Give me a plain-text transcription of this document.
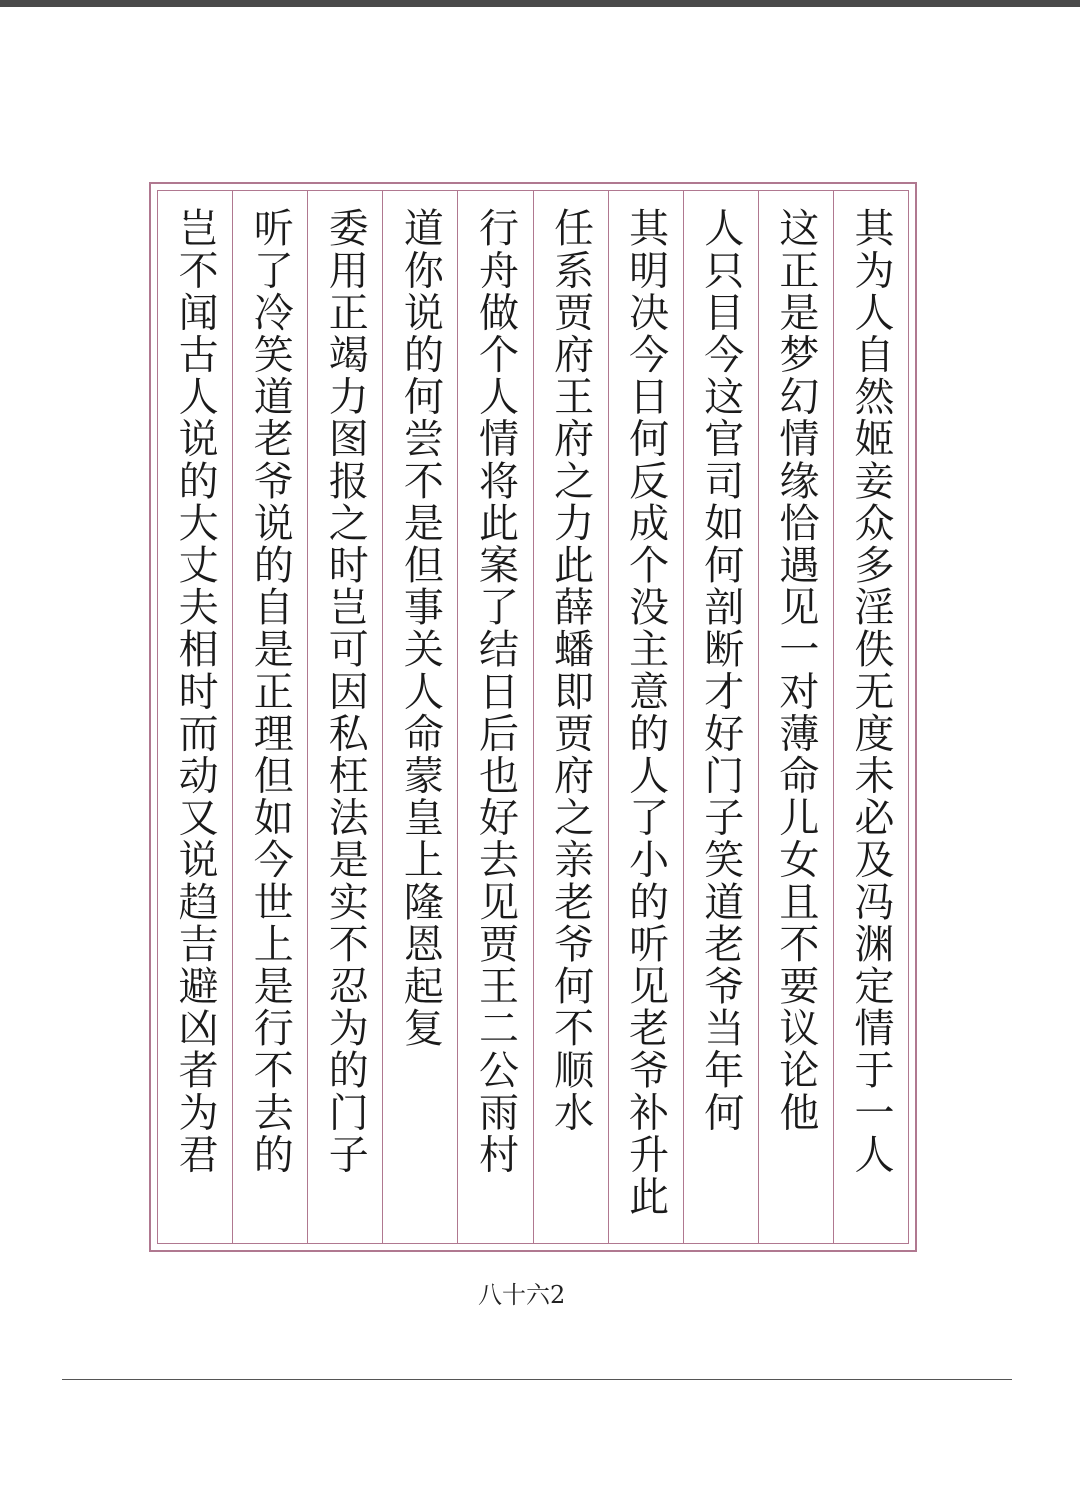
其为人自然姬妾众多淫佚无度未必及冯渊定情于一人
这正是梦幻情缘恰遇见一对薄命儿女且不要议论他
人只目今这官司如何剖断才好门子笑道老爷当年何
其明决今日何反成个没主意的人了小的听见老爷补升此
任系贾府王府之力此薛蟠即贾府之亲老爷何不顺水
行舟做个人情将此案了结日后也好去见贾王二公雨村
道你说的何尝不是但事关人命蒙皇上隆恩起复
委用正竭力图报之时岂可因私枉法是实不忍为的门子
听了冷笑道老爷说的自是正理但如今世上是行不去的
岂不闻古人说的大丈夫相时而动又说趋吉避凶者为君
八十六2
